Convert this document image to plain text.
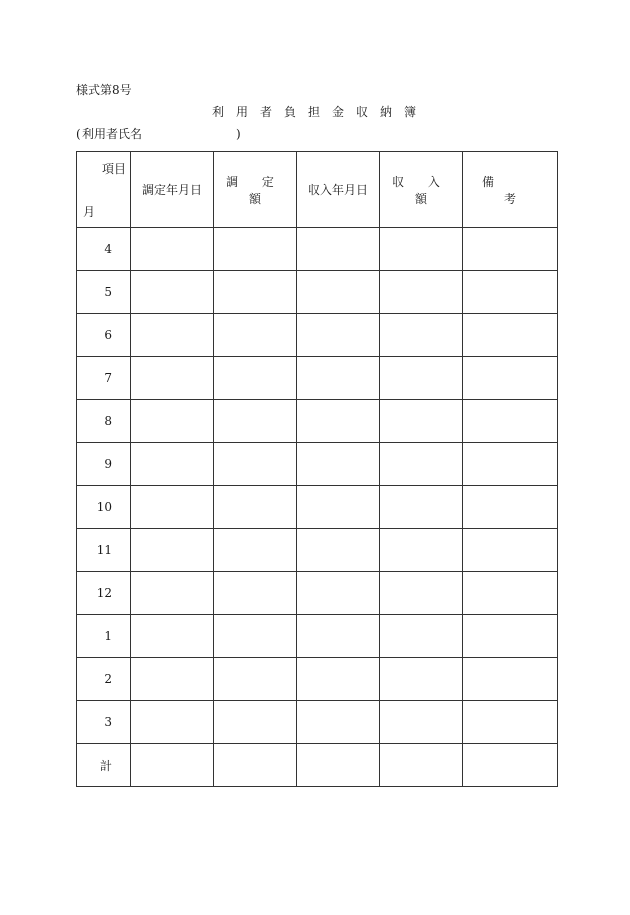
様式第8号
利用者負担金収納簿
( 利用者氏名	)
項目
月	調定年月日	調 定 額	収入年月日	収 入 額	備 考
4					
5					
6					
7					
8					
9					
10					
11					
12					
1					
2					
3					
計					
